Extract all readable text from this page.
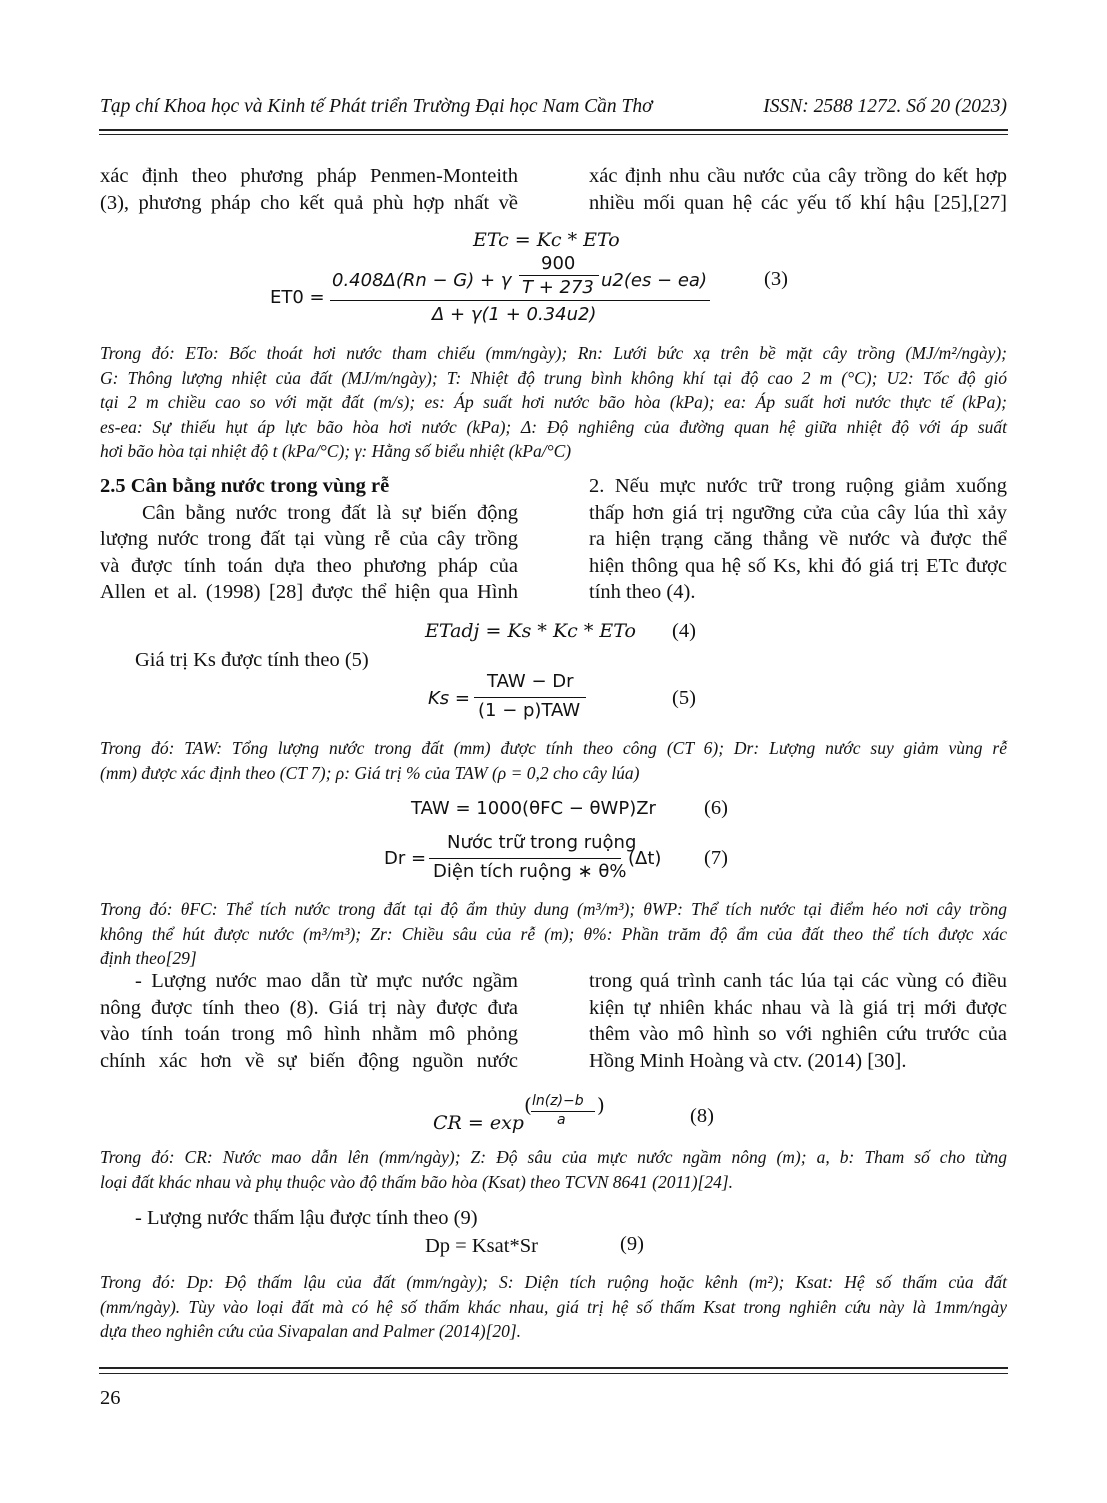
Tạp chí Khoa học và Kinh tế Phát triển Trường Đại học Nam Cần Thơ	ISSN: 2588 1272. Số 20 (2023)
xác định theo phương pháp Penmen-Monteith
(3), phương pháp cho kết quả phù hợp nhất về
xác định nhu cầu nước của cây trồng do kết hợp
nhiều mối quan hệ các yếu tố khí hậu [25],[27]
ETc = Kc * ETo
ET0 =
0.408Δ(Rn − G) + γ
900
T + 273 u2(es − ea)
Δ + γ(1 + 0.34u2)
(3)
Trong đó: ETo: Bốc thoát hơi nước tham chiếu (mm/ngày); Rn: Lưới bức xạ trên bề mặt cây trồng (MJ/m²/ngày);
G: Thông lượng nhiệt của đất (MJ/m/ngày); T: Nhiệt độ trung bình không khí tại độ cao 2 m (°C); U2: Tốc độ gió
tại 2 m chiều cao so với mặt đất (m/s); es: Áp suất hơi nước bão hòa (kPa); ea: Áp suất hơi nước thực tế (kPa);
es-ea: Sự thiếu hụt áp lực bão hòa hơi nước (kPa); Δ: Độ nghiêng của đường quan hệ giữa nhiệt độ với áp suất
hơi bão hòa tại nhiệt độ t (kPa/°C); γ: Hằng số biểu nhiệt (kPa/°C)
2.5 Cân bằng nước trong vùng rễ
Cân bằng nước trong đất là sự biến động
lượng nước trong đất tại vùng rễ của cây trồng
và được tính toán dựa theo phương pháp của
Allen et al. (1998) [28] được thể hiện qua Hình
2. Nếu mực nước trữ trong ruộng giảm xuống
thấp hơn giá trị ngưỡng cửa của cây lúa thì xảy
ra hiện trạng căng thẳng về nước và được thể
hiện thông qua hệ số Ks, khi đó giá trị ETc được
tính theo (4).
ETadj = Ks * Kc * ETo (4)
Giá trị Ks được tính theo (5)
Ks =
TAW − Dr
(1 − p)TAW
(5)
Trong đó: TAW: Tổng lượng nước trong đất (mm) được tính theo công (CT 6); Dr: Lượng nước suy giảm vùng rễ
(mm) được xác định theo (CT 7); ρ: Giá trị % của TAW (ρ = 0,2 cho cây lúa)
TAW = 1000(θFC − θWP)Zr (6)
Dr =
Nước trữ trong ruộng
Diện tích ruộng ∗ θ%
(Δt) (7)
Trong đó: θFC: Thể tích nước trong đất tại độ ẩm thủy dung (m³/m³); θWP: Thể tích nước tại điểm héo nơi cây trồng
không thể hút được nước (m³/m³); Zr: Chiều sâu của rễ (m); θ%: Phần trăm độ ẩm của đất theo thể tích được xác
định theo[29]
- Lượng nước mao dẫn từ mực nước ngầm
nông được tính theo (8). Giá trị này được đưa
vào tính toán trong mô hình nhằm mô phỏng
chính xác hơn về sự biến động nguồn nước
trong quá trình canh tác lúa tại các vùng có điều
kiện tự nhiên khác nhau và là giá trị mới được
thêm vào mô hình so với nghiên cứu trước của
Hồng Minh Hoàng và ctv. (2014) [30].
CR = exp
( ln(z)−b
a
)	(8)
Trong đó: CR: Nước mao dẫn lên (mm/ngày); Z: Độ sâu của mực nước ngầm nông (m); a, b: Tham số cho từng
loại đất khác nhau và phụ thuộc vào độ thấm bão hòa (Ksat) theo TCVN 8641 (2011)[24].
- Lượng nước thấm lậu được tính theo (9)
Dp = Ksat*Sr	(9)
Trong đó: Dp: Độ thấm lậu của đất (mm/ngày); S: Diện tích ruộng hoặc kênh (m²); Ksat: Hệ số thấm của đất
(mm/ngày). Tùy vào loại đất mà có hệ số thấm khác nhau, giá trị hệ số thấm Ksat trong nghiên cứu này là 1mm/ngày
dựa theo nghiên cứu của Sivapalan and Palmer (2014)[20].
26
